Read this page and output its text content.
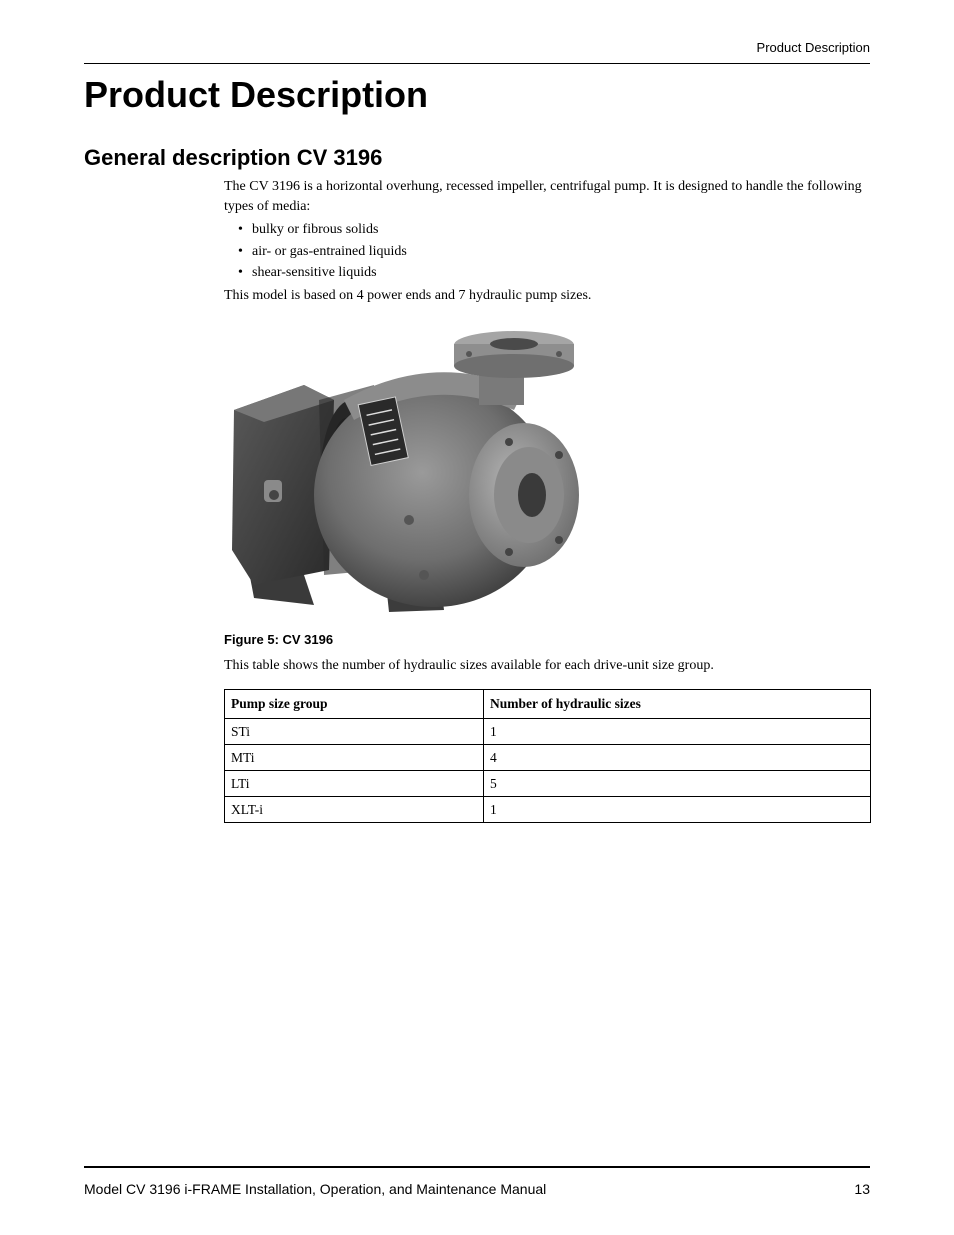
Product Description
Product Description
General description CV 3196

The CV 3196 is a horizontal overhung, recessed impeller, centrifugal pump. It is designed to handle the following types of media:

• bulky or fibrous solids
• air- or gas-entrained liquids
• shear-sensitive liquids

This model is based on 4 power ends and 7 hydraulic pump sizes.

Figure 5: CV 3196

This table shows the number of hydraulic sizes available for each drive-unit size group.

Pump size group	Number of hydraulic sizes
STi	1
MTi	4
LTi	5
XLT-i	1
Model CV 3196 i-FRAME Installation, Operation, and Maintenance Manual	13
